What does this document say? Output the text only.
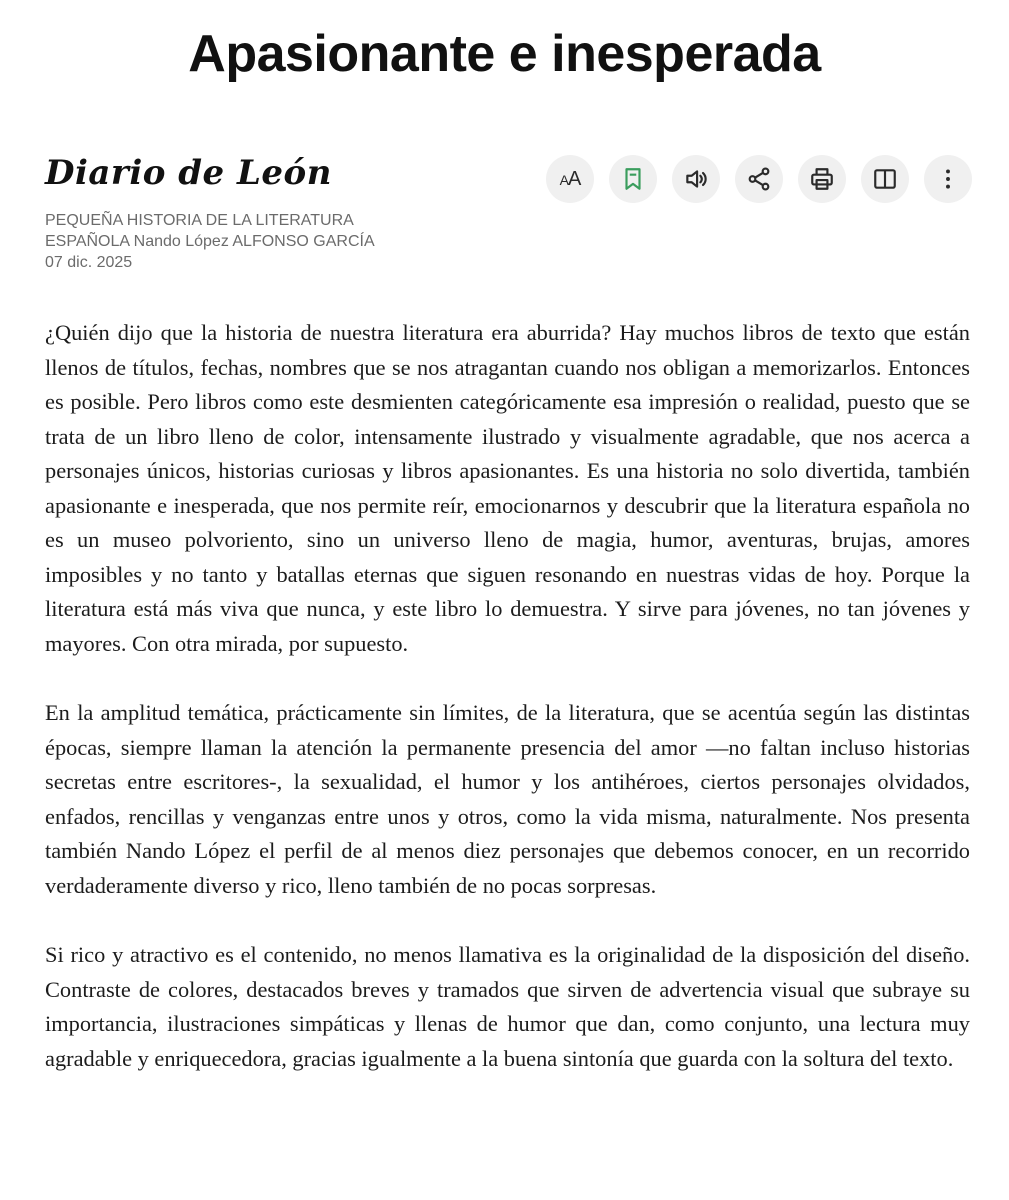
Apasionante e inesperada
Diario de León	AA
PEQUEÑA HISTORIA DE LA LITERATURA ESPAÑOLA Nando López ALFONSO GARCÍA
07 dic. 2025

¿Quién dijo que la historia de nuestra literatura era aburrida? Hay muchos libros de texto que están llenos de títulos, fechas, nombres que se nos atragantan cuando nos obligan a memorizarlos. Entonces es posible. Pero libros como este desmienten categóricamente esa impresión o realidad, puesto que se trata de un libro lleno de color, intensamente ilustrado y visualmente agradable, que nos acerca a personajes únicos, historias curiosas y libros apasionantes. Es una historia no solo divertida, también apasionante e inesperada, que nos permite reír, emocionarnos y descubrir que la literatura española no es un museo polvoriento, sino un universo lleno de magia, humor, aventuras, brujas, amores imposibles y no tanto y batallas eternas que siguen resonando en nuestras vidas de hoy. Porque la literatura está más viva que nunca, y este libro lo demuestra. Y sirve para jóvenes, no tan jóvenes y mayores. Con otra mirada, por supuesto.

En la amplitud temática, prácticamente sin límites, de la literatura, que se acentúa según las distintas épocas, siempre llaman la atención la permanente presencia del amor —no faltan incluso historias secretas entre escritores-, la sexualidad, el humor y los antihéroes, ciertos personajes olvidados, enfados, rencillas y venganzas entre unos y otros, como la vida misma, naturalmente. Nos presenta también Nando López el perfil de al menos diez personajes que debemos conocer, en un recorrido verdaderamente diverso y rico, lleno también de no pocas sorpresas.

Si rico y atractivo es el contenido, no menos llamativa es la originalidad de la disposición del diseño. Contraste de colores, destacados breves y tramados que sirven de advertencia visual que subraye su importancia, ilustraciones simpáticas y llenas de humor que dan, como conjunto, una lectura muy agradable y enriquecedora, gracias igualmente a la buena sintonía que guarda con la soltura del texto.
